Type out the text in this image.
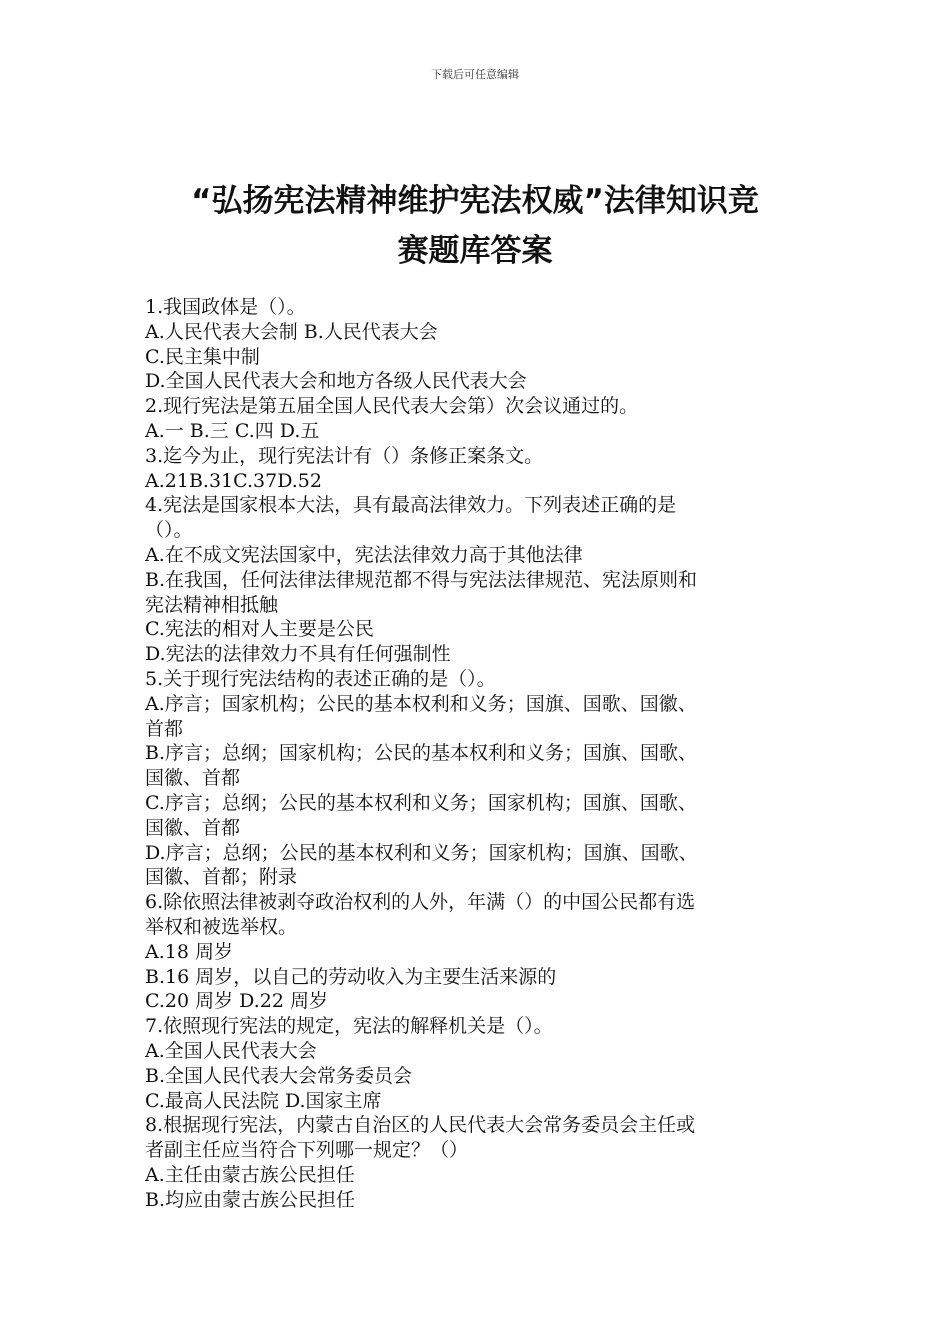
下载后可任意编辑
“弘扬宪法精神维护宪法权威”法律知识竞
赛题库答案
1.我国政体是（）。
A.人民代表大会制 B.人民代表大会
C.民主集中制
D.全国人民代表大会和地方各级人民代表大会
2.现行宪法是第五届全国人民代表大会第）次会议通过的。
A.一 B.三 C.四 D.五
3.迄今为止，现行宪法计有（）条修正案条文。
A.21B.31C.37D.52
4.宪法是国家根本大法，具有最高法律效力。下列表述正确的是
（）。
A.在不成文宪法国家中，宪法法律效力高于其他法律
B.在我国，任何法律法律规范都不得与宪法法律规范、宪法原则和
宪法精神相抵触
C.宪法的相对人主要是公民
D.宪法的法律效力不具有任何强制性
5.关于现行宪法结构的表述正确的是（）。
A.序言；国家机构；公民的基本权利和义务；国旗、国歌、国徽、
首都
B.序言；总纲；国家机构；公民的基本权利和义务；国旗、国歌、
国徽、首都
C.序言；总纲；公民的基本权利和义务；国家机构；国旗、国歌、
国徽、首都
D.序言；总纲；公民的基本权利和义务；国家机构；国旗、国歌、
国徽、首都；附录
6.除依照法律被剥夺政治权利的人外，年满（）的中国公民都有选
举权和被选举权。
A.18 周岁
B.16 周岁，以自己的劳动收入为主要生活来源的
C.20 周岁 D.22 周岁
7.依照现行宪法的规定，宪法的解释机关是（）。
A.全国人民代表大会
B.全国人民代表大会常务委员会
C.最高人民法院 D.国家主席
8.根据现行宪法，内蒙古自治区的人民代表大会常务委员会主任或
者副主任应当符合下列哪一规定？（）
A.主任由蒙古族公民担任
B.均应由蒙古族公民担任
